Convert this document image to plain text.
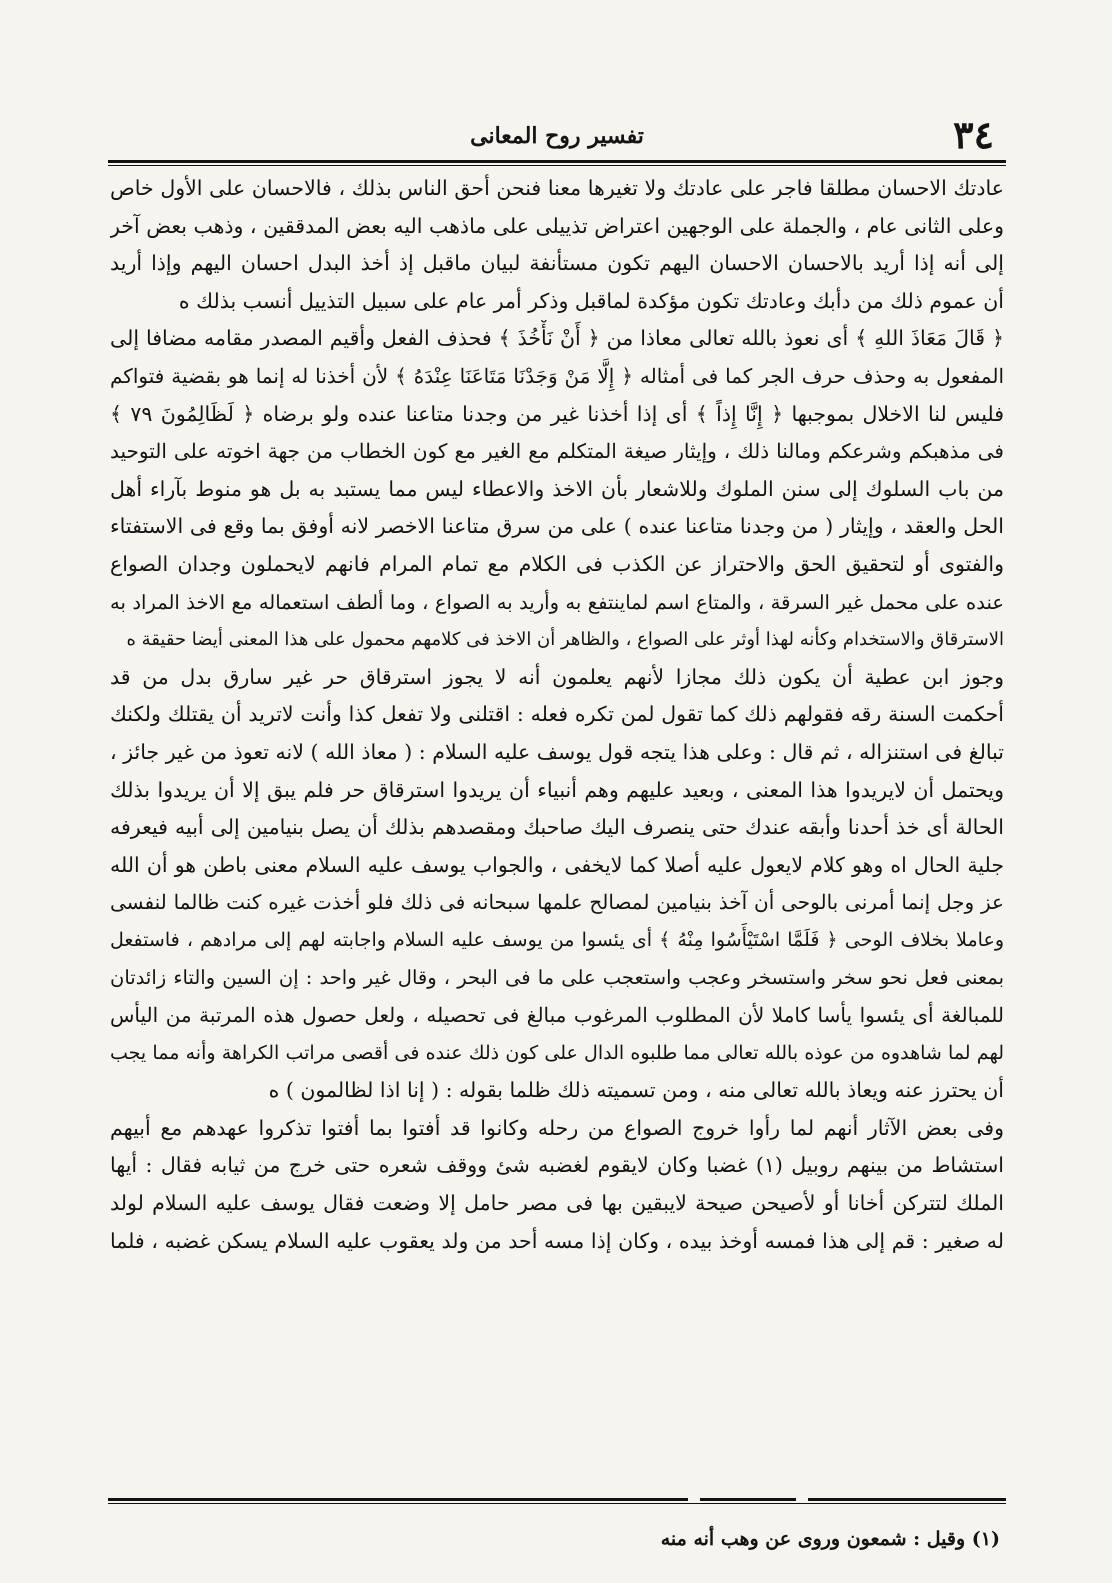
٣٤
تفسير روح المعانى
عادتك الاحسان مطلقا فاجر على عادتك ولا تغيرها معنا فنحن أحق الناس بذلك ، فالاحسان على الأول خاص
وعلى الثانى عام ، والجملة على الوجهين اعتراض تذييلى على ماذهب اليه بعض المدققين ، وذهب بعض آخر
إلى أنه إذا أريد بالاحسان الاحسان اليهم تكون مستأنفة لبيان ماقبل إذ أخذ البدل احسان اليهم وإذا أريد
أن عموم ذلك من دأبك وعادتك تكون مؤكدة لماقبل وذكر أمر عام على سبيل التذييل أنسب بذلك ه
﴿ قَالَ مَعَاذَ اللهِ ﴾ أى نعوذ بالله تعالى معاذا من ﴿ أَنْ نَأْخُذَ ﴾ فحذف الفعل وأقيم المصدر مقامه مضافا إلى
المفعول به وحذف حرف الجر كما فى أمثاله ﴿ إِلَّا مَنْ وَجَدْنَا مَتَاعَنَا عِنْدَهُ ﴾ لأن أخذنا له إنما هو بقضية فتواكم
فليس لنا الاخلال بموجبها ﴿ إِنَّا إِذاً ﴾ أى إذا أخذنا غير من وجدنا متاعنا عنده ولو برضاه ﴿ لَظَالِمُونَ ٧٩ ﴾
فى مذهبكم وشرعكم ومالنا ذلك ، وإيثار صيغة المتكلم مع الغير مع كون الخطاب من جهة اخوته على التوحيد
من باب السلوك إلى سنن الملوك وللاشعار بأن الاخذ والاعطاء ليس مما يستبد به بل هو منوط بآراء أهل
الحل والعقد ، وإيثار ( من وجدنا متاعنا عنده ) على من سرق متاعنا الاخصر لانه أوفق بما وقع فى الاستفتاء
والفتوى أو لتحقيق الحق والاحتراز عن الكذب فى الكلام مع تمام المرام فانهم لايحملون وجدان الصواع
عنده على محمل غير السرقة ، والمتاع اسم لماينتفع به وأريد به الصواع ، وما ألطف استعماله مع الاخذ المراد به
الاسترقاق والاستخدام وكأنه لهذا أوثر على الصواع ، والظاهر أن الاخذ فى كلامهم محمول على هذا المعنى أيضا حقيقة ه
وجوز ابن عطية أن يكون ذلك مجازا لأنهم يعلمون أنه لا يجوز استرقاق حر غير سارق بدل من قد
أحكمت السنة رقه فقولهم ذلك كما تقول لمن تكره فعله : اقتلنى ولا تفعل كذا وأنت لاتريد أن يقتلك ولكنك
تبالغ فى استنزاله ، ثم قال : وعلى هذا يتجه قول يوسف عليه السلام : ( معاذ الله ) لانه تعوذ من غير جائز ،
ويحتمل أن لايريدوا هذا المعنى ، وبعيد عليهم وهم أنبياء أن يريدوا استرقاق حر فلم يبق إلا أن يريدوا بذلك
الحالة أى خذ أحدنا وأبقه عندك حتى ينصرف اليك صاحبك ومقصدهم بذلك أن يصل بنيامين إلى أبيه فيعرفه
جلية الحال اه وهو كلام لايعول عليه أصلا كما لايخفى ، والجواب يوسف عليه السلام معنى باطن هو أن الله
عز وجل إنما أمرنى بالوحى أن آخذ بنيامين لمصالح علمها سبحانه فى ذلك فلو أخذت غيره كنت ظالما لنفسى
وعاملا بخلاف الوحى ﴿ فَلَمَّا اسْتَيْأَسُوا مِنْهُ ﴾ أى يئسوا من يوسف عليه السلام واجابته لهم إلى مرادهم ، فاستفعل
بمعنى فعل نحو سخر واستسخر وعجب واستعجب على ما فى البحر ، وقال غير واحد : إن السين والتاء زائدتان
للمبالغة أى يئسوا يأسا كاملا لأن المطلوب المرغوب مبالغ فى تحصيله ، ولعل حصول هذه المرتبة من اليأس
لهم لما شاهدوه من عوذه بالله تعالى مما طلبوه الدال على كون ذلك عنده فى أقصى مراتب الكراهة وأنه مما يجب
أن يحترز عنه ويعاذ بالله تعالى منه ، ومن تسميته ذلك ظلما بقوله : ( إنا اذا لظالمون ) ه
وفى بعض الآثار أنهم لما رأوا خروج الصواع من رحله وكانوا قد أفتوا بما أفتوا تذكروا عهدهم مع أبيهم
استشاط من بينهم روبيل (١) غضبا وكان لايقوم لغضبه شئ ووقف شعره حتى خرج من ثيابه فقال : أيها
الملك لتتركن أخانا أو لأصيحن صيحة لايبقين بها فى مصر حامل إلا وضعت فقال يوسف عليه السلام لولد
له صغير : قم إلى هذا فمسه أوخذ بيده ، وكان إذا مسه أحد من ولد يعقوب عليه السلام يسكن غضبه ، فلما
(١) وقيل : شمعون وروى عن وهب أنه منه
